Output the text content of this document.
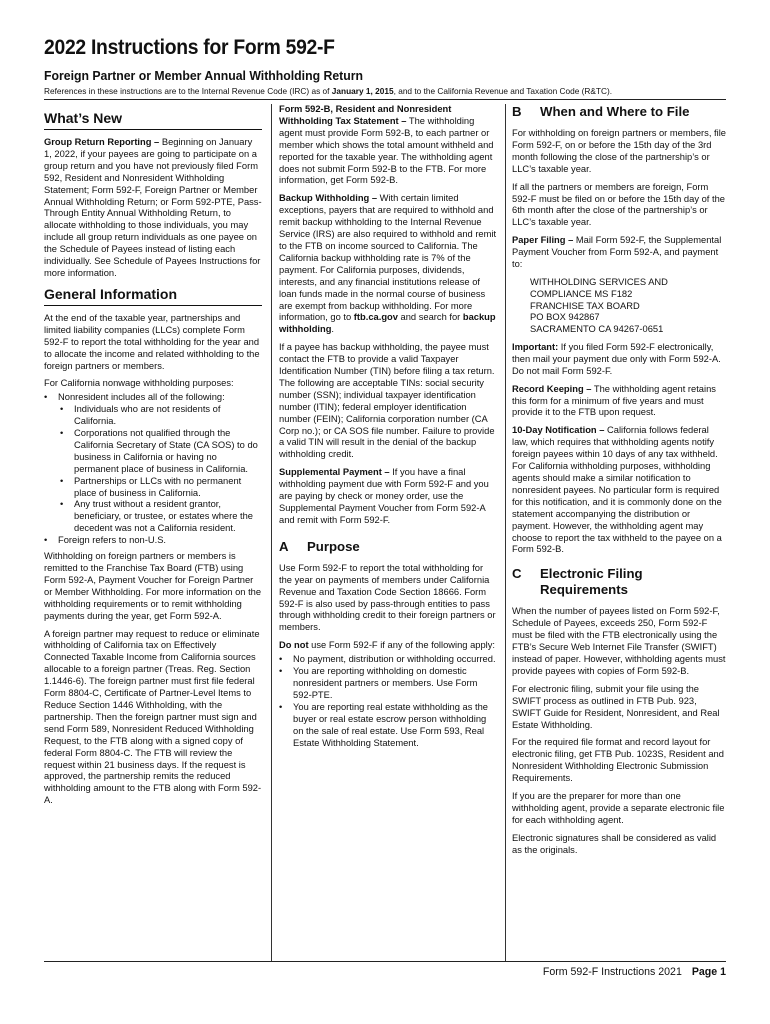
2022 Instructions for Form 592-F
Foreign Partner or Member Annual Withholding Return
References in these instructions are to the Internal Revenue Code (IRC) as of January 1, 2015, and to the California Revenue and Taxation Code (R&TC).
What’s New

Group Return Reporting – Beginning on January 1, 2022, if your payees are going to participate on a group return and you have not previously filed Form 592, Resident and Nonresident Withholding Statement; Form 592-F, Foreign Partner or Member Annual Withholding Return; or Form 592-PTE, Pass-Through Entity Annual Withholding Return, to allocate withholding to those individuals, you may include all group return individuals as one payee on the Schedule of Payees instead of listing each individually. See Schedule of Payees Instructions for more information.

General Information

At the end of the taxable year, partnerships and limited liability companies (LLCs) complete Form 592-F to report the total withholding for the year and to allocate the income and related withholding to the foreign partners or members.

For California nonwage withholding purposes:

• Nonresident includes all of the following:
• Individuals who are not residents of California.
• Corporations not qualified through the California Secretary of State (CA SOS) to do business in California or having no permanent place of business in California.
• Partnerships or LLCs with no permanent place of business in California.
• Any trust without a resident grantor, beneficiary, or trustee, or estates where the decedent was not a California resident.
• Foreign refers to non-U.S.

Withholding on foreign partners or members is remitted to the Franchise Tax Board (FTB) using Form 592-A, Payment Voucher for Foreign Partner or Member Withholding. For more information on the withholding requirements or to remit withholding payments during the year, get Form 592-A.

A foreign partner may request to reduce or eliminate withholding of California tax on Effectively Connected Taxable Income from California sources allocable to a foreign partner (Treas. Reg. Section 1.1446-6). The foreign partner must first file federal Form 8804-C, Certificate of Partner-Level Items to Reduce Section 1446 Withholding, with the partnership. Then the foreign partner must sign and send Form 589, Nonresident Reduced Withholding Request, to the FTB along with a signed copy of federal Form 8804-C. The FTB will review the request within 21 business days. If the request is approved, the partnership remits the reduced withholding amount to the FTB along with Form 592-A.

Form 592-B, Resident and Nonresident Withholding Tax Statement – The withholding agent must provide Form 592-B, to each partner or member which shows the total amount withheld and reported for the taxable year. The withholding agent does not submit Form 592-B to the FTB. For more information, get Form 592-B.

Backup Withholding – With certain limited exceptions, payers that are required to withhold and remit backup withholding to the Internal Revenue Service (IRS) are also required to withhold and remit to the FTB on income sourced to California. The California backup withholding rate is 7% of the payment. For California purposes, dividends, interests, and any financial institutions release of loan funds made in the normal course of business are exempt from backup withholding. For more information, go to ftb.ca.gov and search for backup withholding.

If a payee has backup withholding, the payee must contact the FTB to provide a valid Taxpayer Identification Number (TIN) before filing a tax return. The following are acceptable TINs: social security number (SSN); individual taxpayer identification number (ITIN); federal employer identification number (FEIN); California corporation number (CA Corp no.); or CA SOS file number. Failure to provide a valid TIN will result in the denial of the backup withholding credit.

Supplemental Payment – If you have a final withholding payment due with Form 592-F and you are paying by check or money order, use the Supplemental Payment Voucher from Form 592-A and remit with Form 592-F.

A	Purpose

Use Form 592-F to report the total withholding for the year on payments of members under California Revenue and Taxation Code Section 18666. Form 592-F is also used by pass-through entities to pass through withholding credit to their foreign partners or members.

Do not use Form 592-F if any of the following apply:

• No payment, distribution or withholding occurred.
• You are reporting withholding on domestic nonresident partners or members. Use Form 592-PTE.
• You are reporting real estate withholding as the buyer or real estate escrow person withholding on the sale of real estate. Use Form 593, Real Estate Withholding Statement.
B	When and Where to File

For withholding on foreign partners or members, file Form 592-F, on or before the 15th day of the 3rd month following the close of the partnership’s or LLC’s taxable year.

If all the partners or members are foreign, Form 592-F must be filed on or before the 15th day of the 6th month after the close of the partnership’s or LLC’s taxable year.

Paper Filing – Mail Form 592-F, the Supplemental Payment Voucher from Form 592-A, and payment to:

WITHHOLDING SERVICES AND
COMPLIANCE MS F182
FRANCHISE TAX BOARD
PO BOX 942867
SACRAMENTO CA 94267-0651

Important: If you filed Form 592-F electronically, then mail your payment due only with Form 592-A. Do not mail Form 592-F.

Record Keeping – The withholding agent retains this form for a minimum of five years and must provide it to the FTB upon request.

10-Day Notification – California follows federal law, which requires that withholding agents notify foreign payees within 10 days of any tax withheld. For California withholding purposes, withholding agents should make a similar notification to nonresident payees. No particular form is required for this notification, and it is commonly done on the statement accompanying the distribution or payment. However, the withholding agent may choose to report the tax withheld to the payee on a Form 592-B.

C	Electronic Filing
Requirements

When the number of payees listed on Form 592-F, Schedule of Payees, exceeds 250, Form 592-F must be filed with the FTB electronically using the FTB’s Secure Web Internet File Transfer (SWIFT) instead of paper. However, withholding agents must provide payees with copies of Form 592-B.

For electronic filing, submit your file using the SWIFT process as outlined in FTB Pub. 923, SWIFT Guide for Resident, Nonresident, and Real Estate Withholding.

For the required file format and record layout for electronic filing, get FTB Pub. 1023S, Resident and Nonresident Withholding Electronic Submission Requirements.

If you are the preparer for more than one withholding agent, provide a separate electronic file for each withholding agent.

Electronic signatures shall be considered as valid as the originals.

Form 592-F Instructions 2021 Page 1
